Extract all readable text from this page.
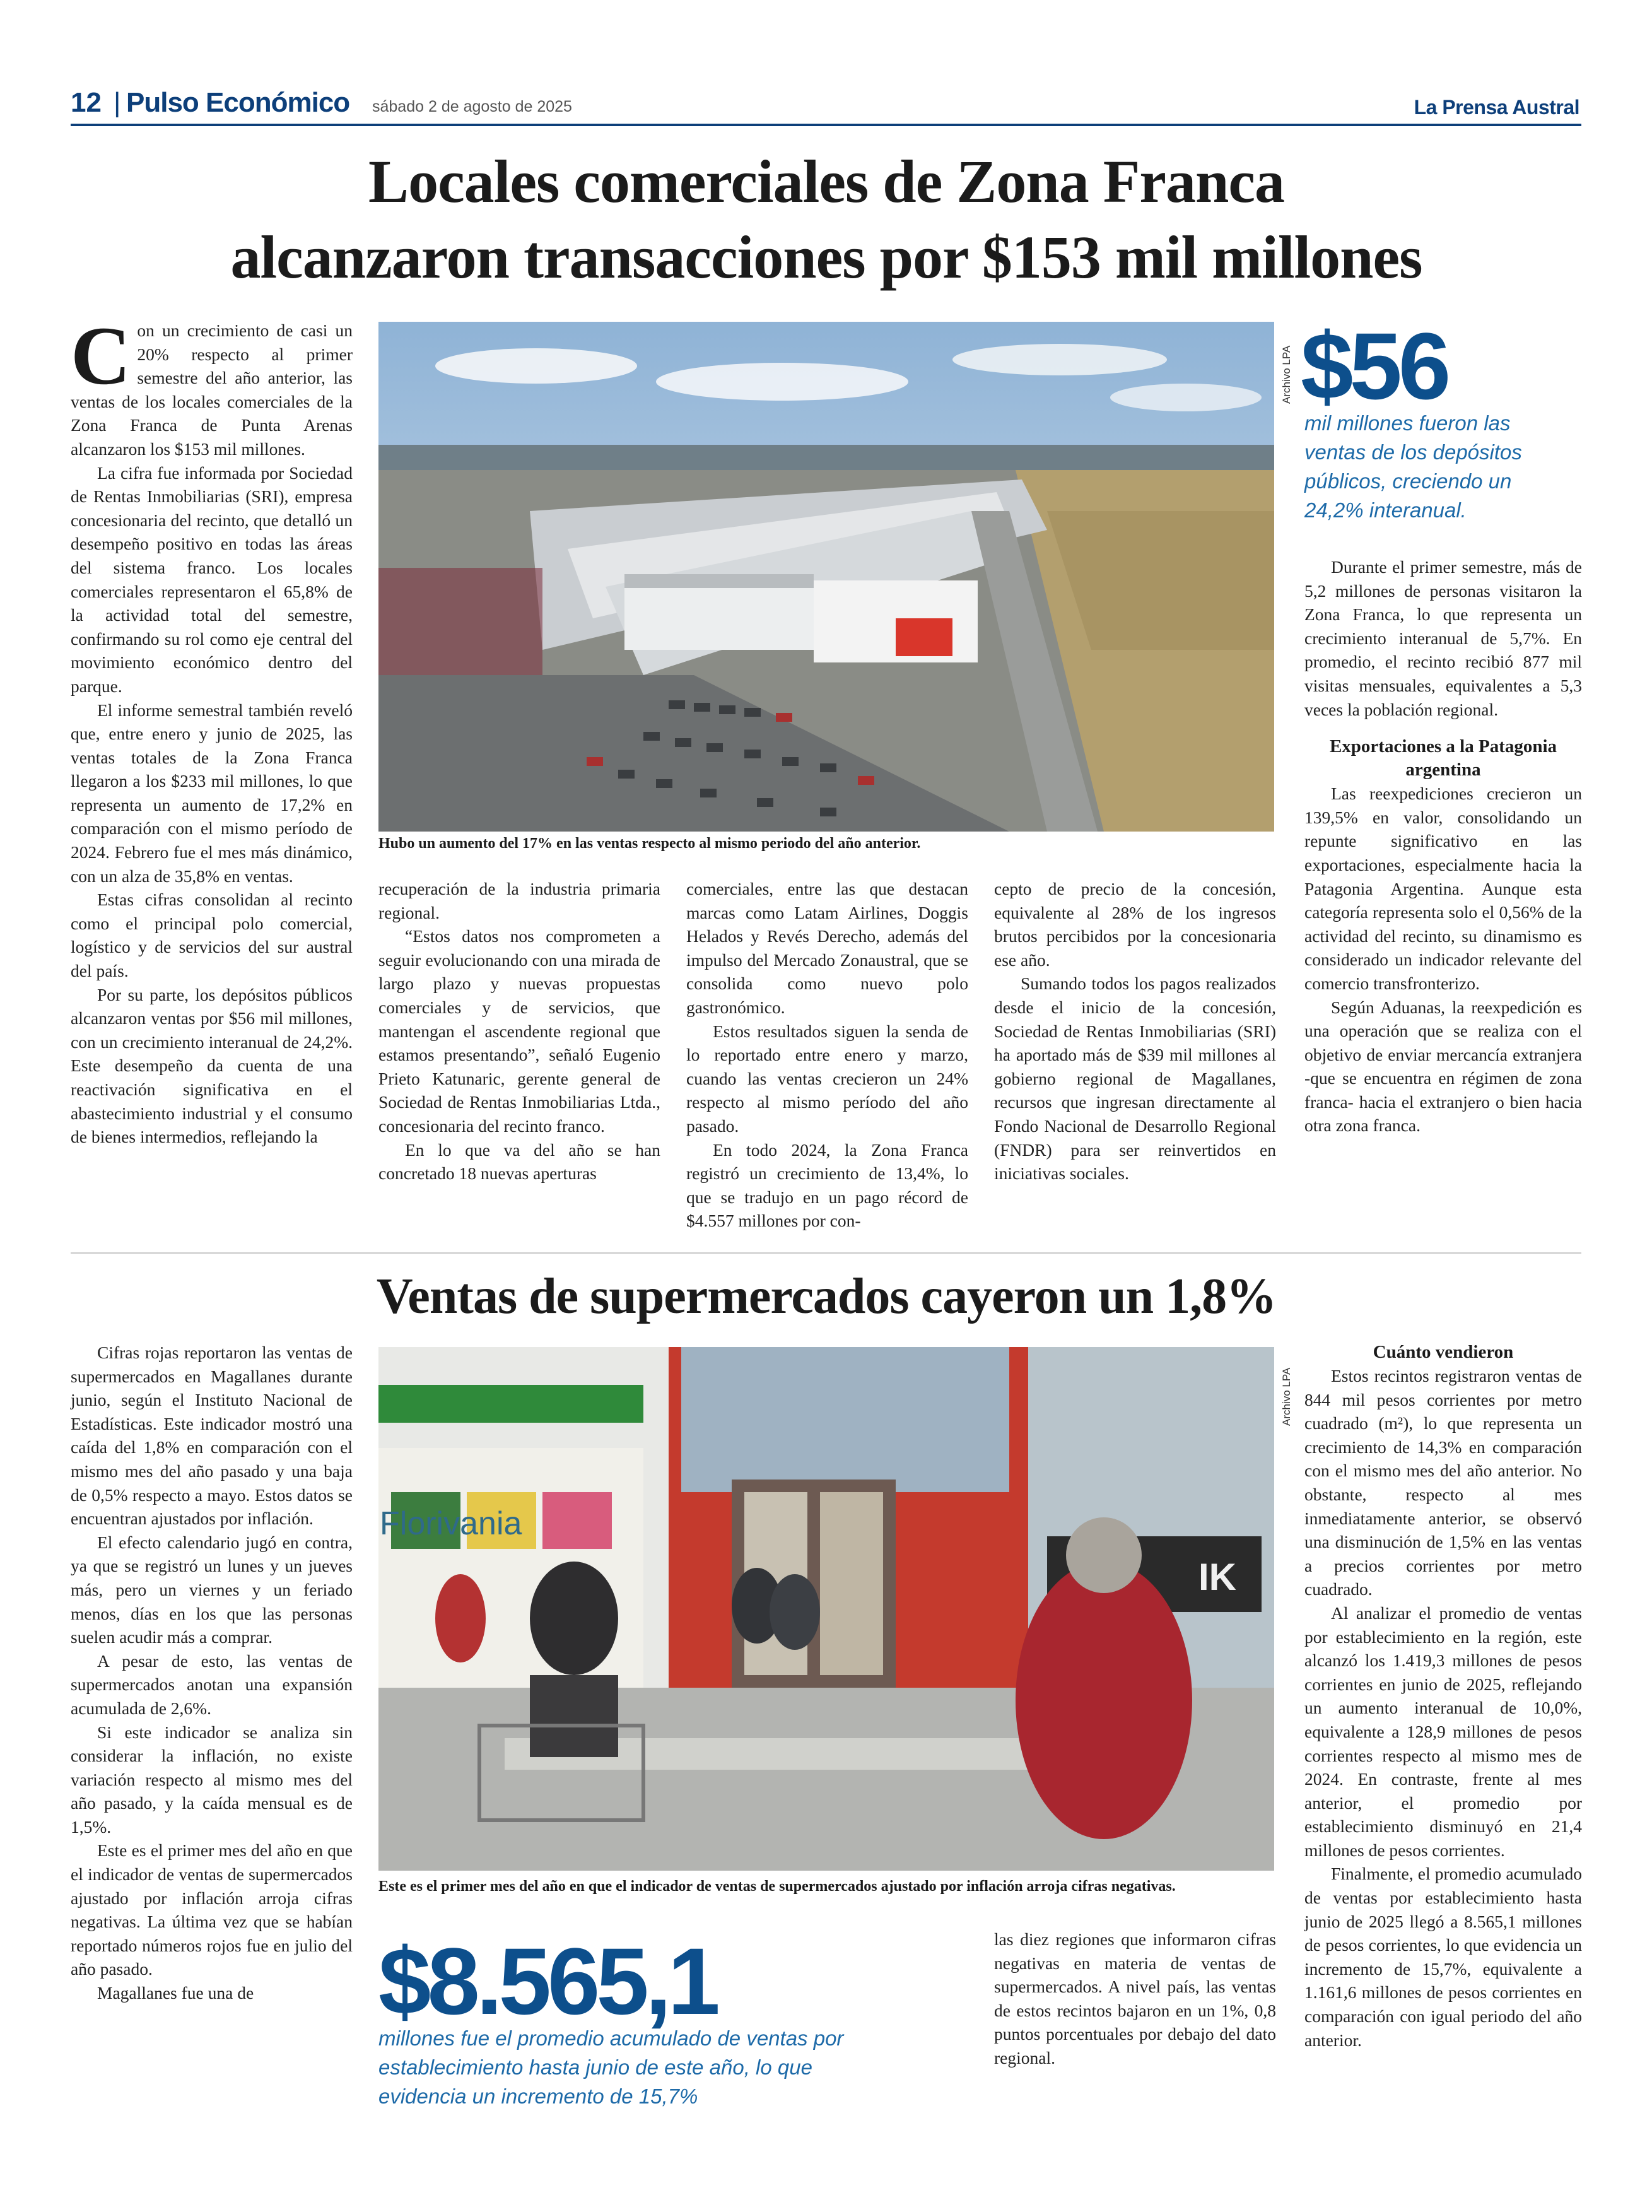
12 | Pulso Económico sábado 2 de agosto de 2025	La Prensa Austral
Locales comerciales de Zona Franca
alcanzaron transacciones por $153 mil millones

Con un crecimiento de casi un 20% respecto al primer semestre del año anterior, las ventas de los locales comerciales de la Zona Franca de Punta Arenas alcanzaron los $153 mil millones.

La cifra fue informada por Sociedad de Rentas Inmobiliarias (SRI), empresa concesionaria del recinto, que detalló un desempeño positivo en todas las áreas del sistema franco. Los locales comerciales representaron el 65,8% de la actividad total del semestre, confirmando su rol como eje central del movimiento económico dentro del parque.

El informe semestral también reveló que, entre enero y junio de 2025, las ventas totales de la Zona Franca llegaron a los $233 mil millones, lo que representa un aumento de 17,2% en comparación con el mismo período de 2024. Febrero fue el mes más dinámico, con un alza de 35,8% en ventas.

Estas cifras consolidan al recinto como el principal polo comercial, logístico y de servicios del sur austral del país.

Por su parte, los depósitos públicos alcanzaron ventas por $56 mil millones, con un crecimiento interanual de 24,2%. Este desempeño da cuenta de una reactivación significativa en el abastecimiento industrial y el consumo de bienes intermedios, reflejando la

Archivo LPA
Hubo un aumento del 17% en las ventas respecto al mismo periodo del año anterior.

recuperación de la industria primaria regional.

“Estos datos nos comprometen a seguir evolucionando con una mirada de largo plazo y nuevas propuestas comerciales y de servicios, que mantengan el ascendente regional que estamos presentando”, señaló Eugenio Prieto Katunaric, gerente general de Sociedad de Rentas Inmobiliarias Ltda., concesionaria del recinto franco.

En lo que va del año se han concretado 18 nuevas aperturas

comerciales, entre las que destacan marcas como Latam Airlines, Doggis Helados y Revés Derecho, además del impulso del Mercado Zonaustral, que se consolida como nuevo polo gastronómico.

Estos resultados siguen la senda de lo reportado entre enero y marzo, cuando las ventas crecieron un 24% respecto al mismo período del año pasado.

En todo 2024, la Zona Franca registró un crecimiento de 13,4%, lo que se tradujo en un pago récord de $4.557 millones por con-

cepto de precio de la concesión, equivalente al 28% de los ingresos brutos percibidos por la concesionaria ese año.

Sumando todos los pagos realizados desde el inicio de la concesión, Sociedad de Rentas Inmobiliarias (SRI) ha aportado más de $39 mil millones al gobierno regional de Magallanes, recursos que ingresan directamente al Fondo Nacional de Desarrollo Regional (FNDR) para ser reinvertidos en iniciativas sociales.

$56
mil millones fueron las ventas de los depósitos públicos, creciendo un 24,2% interanual.

Durante el primer semestre, más de 5,2 millones de personas visitaron la Zona Franca, lo que representa un crecimiento interanual de 5,7%. En promedio, el recinto recibió 877 mil visitas mensuales, equivalentes a 5,3 veces la población regional.

Exportaciones a la Patagonia argentina

Las reexpediciones crecieron un 139,5% en valor, consolidando un repunte significativo en las exportaciones, especialmente hacia la Patagonia Argentina. Aunque esta categoría representa solo el 0,56% de la actividad del recinto, su dinamismo es considerado un indicador relevante del comercio transfronterizo.

Según Aduanas, la reexpedición es una operación que se realiza con el objetivo de enviar mercancía extranjera -que se encuentra en régimen de zona franca- hacia el extranjero o bien hacia otra zona franca.

Ventas de supermercados cayeron un 1,8%

Cifras rojas reportaron las ventas de supermercados en Magallanes durante junio, según el Instituto Nacional de Estadísticas. Este indicador mostró una caída del 1,8% en comparación con el mismo mes del año pasado y una baja de 0,5% respecto a mayo. Estos datos se encuentran ajustados por inflación.

El efecto calendario jugó en contra, ya que se registró un lunes y un jueves más, pero un viernes y un feriado menos, días en los que las personas suelen acudir más a comprar.

A pesar de esto, las ventas de supermercados anotan una expansión acumulada de 2,6%.

Si este indicador se analiza sin considerar la inflación, no existe variación respecto al mismo mes del año pasado, y la caída mensual es de 1,5%.

Este es el primer mes del año en que el indicador de ventas de supermercados ajustado por inflación arroja cifras negativas. La última vez que se habían reportado números rojos fue en julio del año pasado.

Magallanes fue una de

Florivania
IK
Archivo LPA
Este es el primer mes del año en que el indicador de ventas de supermercados ajustado por inflación arroja cifras negativas.
$8.565,1
millones fue el promedio acumulado de ventas por establecimiento hasta junio de este año, lo que evidencia un incremento de 15,7%

las diez regiones que informaron cifras negativas en materia de ventas de supermercados. A nivel país, las ventas de estos recintos bajaron en un 1%, 0,8 puntos porcentuales por debajo del dato regional.

Cuánto vendieron

Estos recintos registraron ventas de 844 mil pesos corrientes por metro cuadrado (m²), lo que representa un crecimiento de 14,3% en comparación con el mismo mes del año anterior. No obstante, respecto al mes inmediatamente anterior, se observó una disminución de 1,5% en las ventas a precios corrientes por metro cuadrado.

Al analizar el promedio de ventas por establecimiento en la región, este alcanzó los 1.419,3 millones de pesos corrientes en junio de 2025, reflejando un aumento interanual de 10,0%, equivalente a 128,9 millones de pesos corrientes respecto al mismo mes de 2024. En contraste, frente al mes anterior, el promedio por establecimiento disminuyó en 21,4 millones de pesos corrientes.

Finalmente, el promedio acumulado de ventas por establecimiento hasta junio de 2025 llegó a 8.565,1 millones de pesos corrientes, lo que evidencia un incremento de 15,7%, equivalente a 1.161,6 millones de pesos corrientes en comparación con igual periodo del año anterior.
